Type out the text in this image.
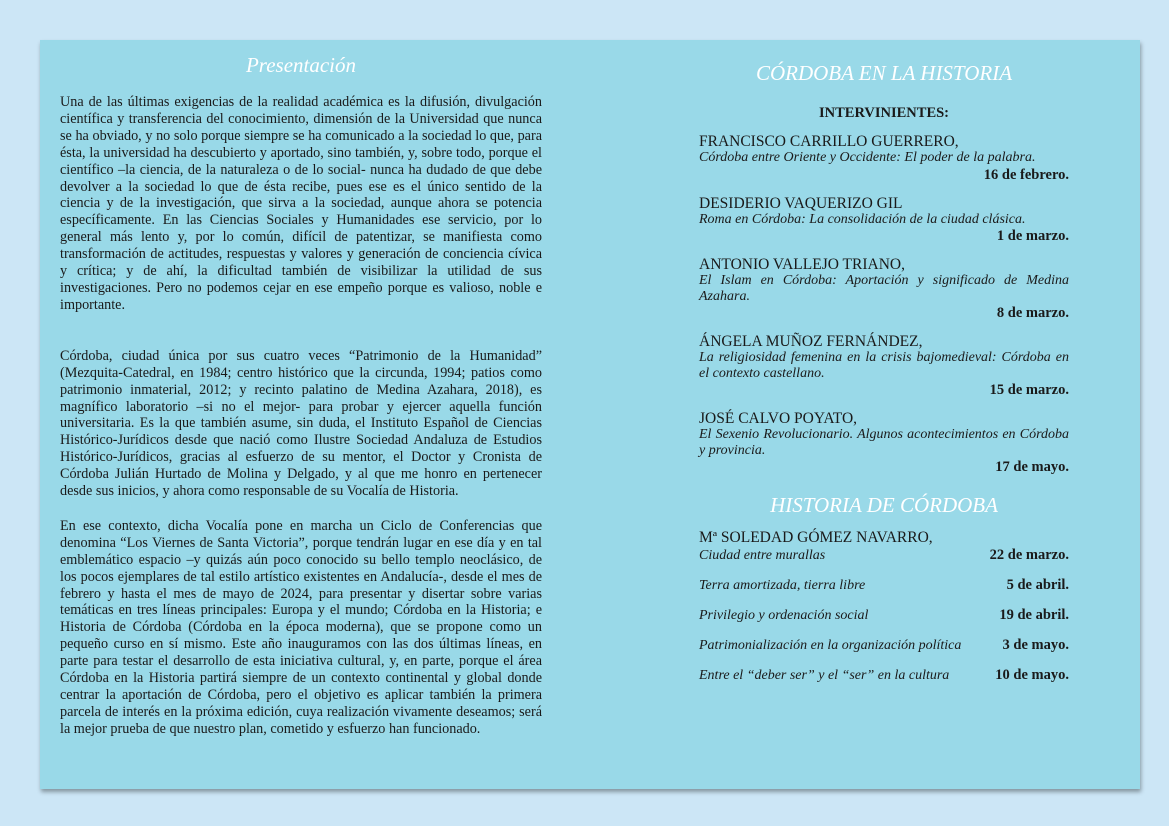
Presentación

Una de las últimas exigencias de la realidad académica es la difusión, divulgación científica y transferencia del conocimiento, dimensión de la Universidad que nunca se ha obviado, y no solo porque siempre se ha comunicado a la sociedad lo que, para ésta, la universidad ha descubierto y aportado, sino también, y, sobre todo, porque el científico –la ciencia, de la naturaleza o de lo social- nunca ha dudado de que debe devolver a la sociedad lo que de ésta recibe, pues ese es el único sentido de la ciencia y de la investigación, que sirva a la sociedad, aunque ahora se potencia específicamente. En las Ciencias Sociales y Humanidades ese servicio, por lo general más lento y, por lo común, difícil de patentizar, se manifiesta como transformación de actitudes, respuestas y valores y generación de conciencia cívica y crítica; y de ahí, la dificultad también de visibilizar la utilidad de sus investigaciones. Pero no podemos cejar en ese empeño porque es valioso, noble e importante.

Córdoba, ciudad única por sus cuatro veces “Patrimonio de la Humanidad” (Mezquita-Catedral, en 1984; centro histórico que la circunda, 1994; patios como patrimonio inmaterial, 2012; y recinto palatino de Medina Azahara, 2018), es magnífico laboratorio –si no el mejor- para probar y ejercer aquella función universitaria. Es la que también asume, sin duda, el Instituto Español de Ciencias Histórico-Jurídicos desde que nació como Ilustre Sociedad Andaluza de Estudios Histórico-Jurídicos, gracias al esfuerzo de su mentor, el Doctor y Cronista de Córdoba Julián Hurtado de Molina y Delgado, y al que me honro en pertenecer desde sus inicios, y ahora como responsable de su Vocalía de Historia.

En ese contexto, dicha Vocalía pone en marcha un Ciclo de Conferencias que denomina “Los Viernes de Santa Victoria”, porque tendrán lugar en ese día y en tal emblemático espacio –y quizás aún poco conocido su bello templo neoclásico, de los pocos ejemplares de tal estilo artístico existentes en Andalucía-, desde el mes de febrero y hasta el mes de mayo de 2024, para presentar y disertar sobre varias temáticas en tres líneas principales: Europa y el mundo; Córdoba en la Historia; e Historia de Córdoba (Córdoba en la época moderna), que se propone como un pequeño curso en sí mismo. Este año inauguramos con las dos últimas líneas, en parte para testar el desarrollo de esta iniciativa cultural, y, en parte, porque el área Córdoba en la Historia partirá siempre de un contexto continental y global donde centrar la aportación de Córdoba, pero el objetivo es aplicar también la primera parcela de interés en la próxima edición, cuya realización vivamente deseamos; será la mejor prueba de que nuestro plan, cometido y esfuerzo han funcionado.

CÓRDOBA EN LA HISTORIA
INTERVINIENTES:
FRANCISCO CARRILLO GUERRERO,
Córdoba entre Oriente y Occidente: El poder de la palabra.
16 de febrero.
DESIDERIO VAQUERIZO GIL
Roma en Córdoba: La consolidación de la ciudad clásica.
1 de marzo.
ANTONIO VALLEJO TRIANO,
El Islam en Córdoba: Aportación y significado de Medina Azahara.
8 de marzo.
ÁNGELA MUÑOZ FERNÁNDEZ,
La religiosidad femenina en la crisis bajomedieval: Córdoba en el contexto castellano.
15 de marzo.
JOSÉ CALVO POYATO,
El Sexenio Revolucionario. Algunos acontecimientos en Córdoba y provincia.
17 de mayo.
HISTORIA DE CÓRDOBA
Mª SOLEDAD GÓMEZ NAVARRO,
Ciudad entre murallas	22 de marzo.
Terra amortizada, tierra libre	5 de abril.
Privilegio y ordenación social	19 de abril.
Patrimonialización en la organización política	3 de mayo.
Entre el “deber ser” y el “ser” en la cultura	10 de mayo.
